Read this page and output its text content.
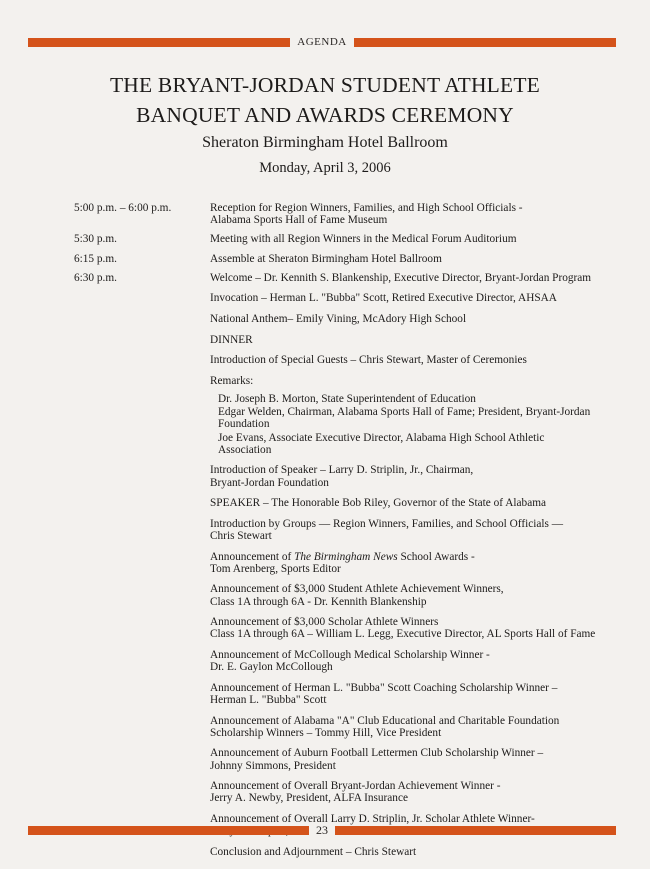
AGENDA
THE BRYANT-JORDAN STUDENT ATHLETE
BANQUET AND AWARDS CEREMONY
Sheraton Birmingham Hotel Ballroom
Monday, April 3, 2006
5:00 p.m. – 6:00 p.m.	Reception for Region Winners, Families, and High School Officials -
Alabama Sports Hall of Fame Museum
5:30 p.m.	Meeting with all Region Winners in the Medical Forum Auditorium
6:15 p.m.	Assemble at Sheraton Birmingham Hotel Ballroom
6:30 p.m.	Welcome – Dr. Kennith S. Blankenship, Executive Director, Bryant-Jordan Program
Invocation – Herman L. "Bubba" Scott, Retired Executive Director, AHSAA
National Anthem– Emily Vining, McAdory High School
DINNER
Introduction of Special Guests – Chris Stewart, Master of Ceremonies
Remarks:
Dr. Joseph B. Morton, State Superintendent of Education
Edgar Welden, Chairman, Alabama Sports Hall of Fame; President, Bryant-Jordan
Foundation
Joe Evans, Associate Executive Director, Alabama High School Athletic
Association
Introduction of Speaker – Larry D. Striplin, Jr., Chairman,
Bryant-Jordan Foundation
SPEAKER – The Honorable Bob Riley, Governor of the State of Alabama
Introduction by Groups — Region Winners, Families, and School Officials —
Chris Stewart
Announcement of The Birmingham News School Awards -
Tom Arenberg, Sports Editor
Announcement of $3,000 Student Athlete Achievement Winners,
Class 1A through 6A - Dr. Kennith Blankenship
Announcement of $3,000 Scholar Athlete Winners
Class 1A through 6A – William L. Legg, Executive Director, AL Sports Hall of Fame
Announcement of McCollough Medical Scholarship Winner -
Dr. E. Gaylon McCollough
Announcement of Herman L. "Bubba" Scott Coaching Scholarship Winner –
Herman L. "Bubba" Scott
Announcement of Alabama "A" Club Educational and Charitable Foundation
Scholarship Winners – Tommy Hill, Vice President
Announcement of Auburn Football Lettermen Club Scholarship Winner –
Johnny Simmons, President
Announcement of Overall Bryant-Jordan Achievement Winner -
Jerry A. Newby, President, ALFA Insurance
Announcement of Overall Larry D. Striplin, Jr. Scholar Athlete Winner-
Conclusion and Adjournment – Chris Stewart
23
